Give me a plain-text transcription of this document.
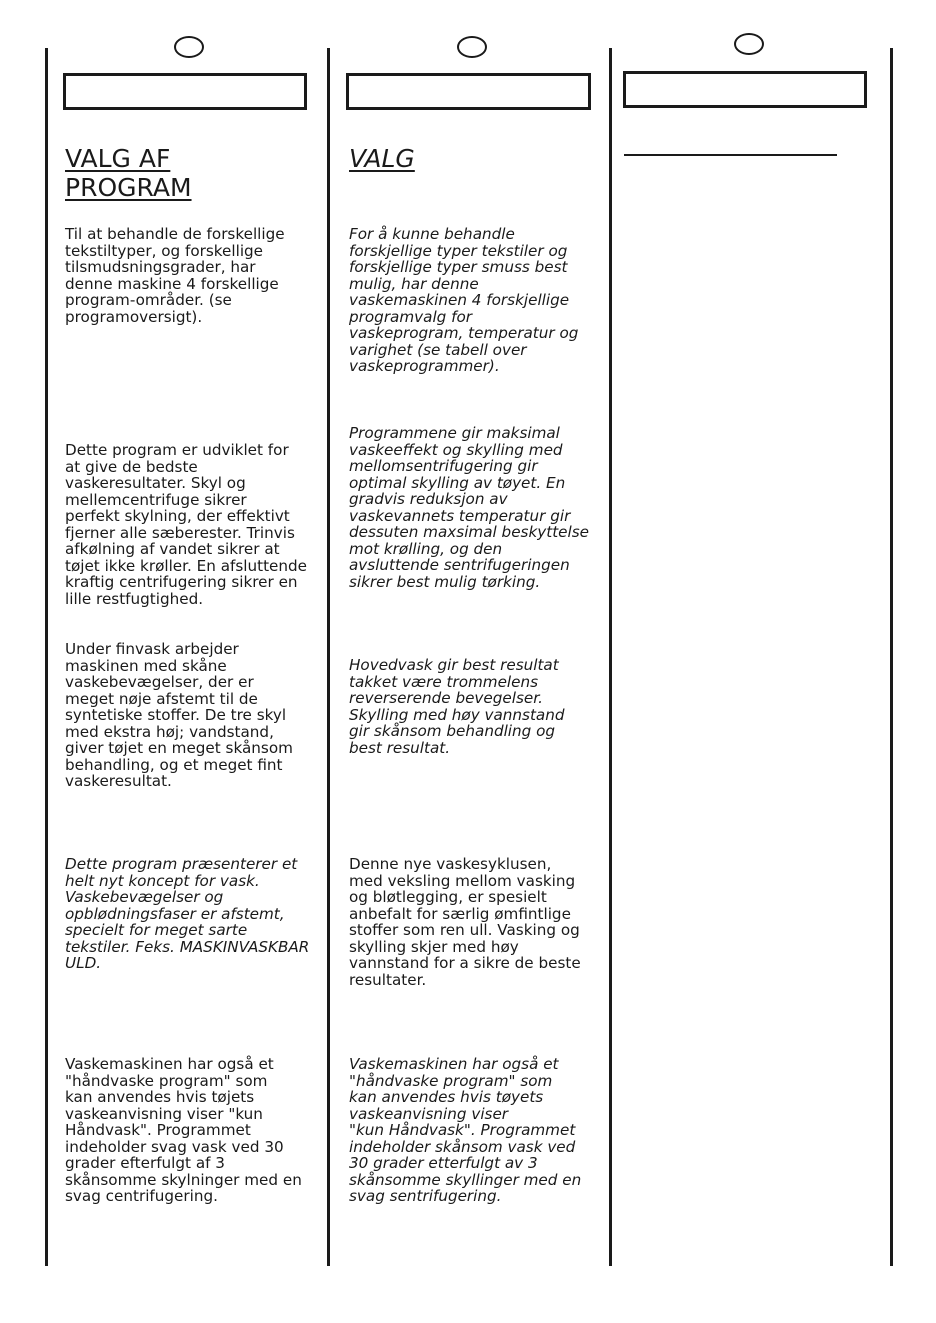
VALG AF
PROGRAM
VALG

Til at behandle de forskellige
tekstiltyper, og forskellige
tilsmudsningsgrader, har
denne maskine 4 forskellige
program-områder. (se
programoversigt).

Dette program er udviklet for
at give de bedste
vaskeresultater. Skyl og
mellemcentrifuge sikrer
perfekt skylning, der effektivt
fjerner alle sæberester. Trinvis
afkølning af vandet sikrer at
tøjet ikke krøller. En afsluttende
kraftig centrifugering sikrer en
lille restfugtighed.

Under finvask arbejder
maskinen med skåne
vaskebevægelser, der er
meget nøje afstemt til de
syntetiske stoffer. De tre skyl
med ekstra høj; vandstand,
giver tøjet en meget skånsom
behandling, og et meget fint
vaskeresultat.

Dette program præsenterer et
helt nyt koncept for vask.
Vaskebevægelser og
opblødningsfaser er afstemt,
specielt for meget sarte
tekstiler. Feks. MASKINVASKBAR
ULD.

Vaskemaskinen har også et
"håndvaske program" som
kan anvendes hvis tøjets
vaskeanvisning viser "kun
Håndvask". Programmet
indeholder svag vask ved 30
grader efterfulgt af 3
skånsomme skylninger med en
svag centrifugering.

For å kunne behandle
forskjellige typer tekstiler og
forskjellige typer smuss best
mulig, har denne
vaskemaskinen 4 forskjellige
programvalg for
vaskeprogram, temperatur og
varighet (se tabell over
vaskeprogrammer).

Programmene gir maksimal
vaskeeffekt og skylling med
mellomsentrifugering gir
optimal skylling av tøyet. En
gradvis reduksjon av
vaskevannets temperatur gir
dessuten maxsimal beskyttelse
mot krølling, og den
avsluttende sentrifugeringen
sikrer best mulig tørking.

Hovedvask gir best resultat
takket være trommelens
reverserende bevegelser.
Skylling med høy vannstand
gir skånsom behandling og
best resultat.

Denne nye vaskesyklusen,
med veksling mellom vasking
og bløtlegging, er spesielt
anbefalt for særlig ømfintlige
stoffer som ren ull. Vasking og
skylling skjer med høy
vannstand for a sikre de beste
resultater.

Vaskemaskinen har også et
"håndvaske program" som
kan anvendes hvis tøyets
vaskeanvisning viser
"kun Håndvask". Programmet
indeholder skånsom vask ved
30 grader etterfulgt av 3
skånsomme skyllinger med en
svag sentrifugering.
